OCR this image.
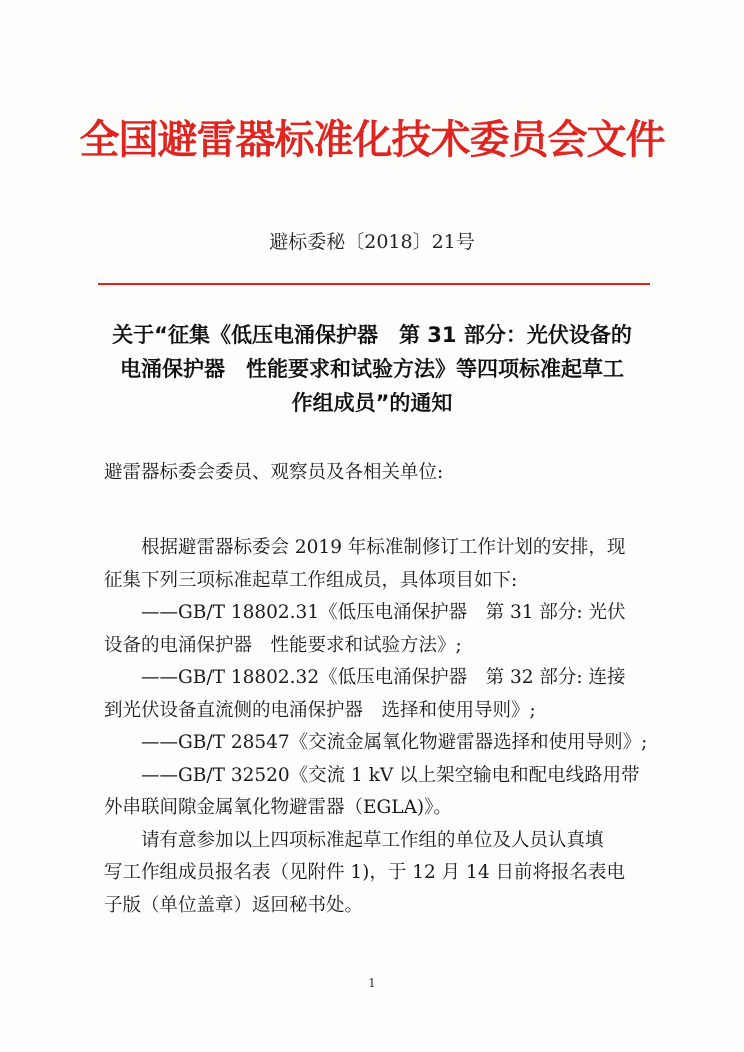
全国避雷器标准化技术委员会文件
避标委秘〔2018〕21号
关于“征集《低压电涌保护器　第 31 部分：光伏设备的
电涌保护器　性能要求和试验方法》等四项标准起草工
作组成员”的通知
避雷器标委会委员、观察员及各相关单位:
根据避雷器标委会 2019 年标准制修订工作计划的安排，现
征集下列三项标准起草工作组成员，具体项目如下:
——GB/T 18802.31《低压电涌保护器　第 31 部分: 光伏
设备的电涌保护器　性能要求和试验方法》;
——GB/T 18802.32《低压电涌保护器　第 32 部分: 连接
到光伏设备直流侧的电涌保护器　选择和使用导则》;
——GB/T 28547《交流金属氧化物避雷器选择和使用导则》;
——GB/T 32520《交流 1 kV 以上架空输电和配电线路用带
外串联间隙金属氧化物避雷器（EGLA)》。
请有意参加以上四项标准起草工作组的单位及人员认真填
写工作组成员报名表（见附件 1)，于 12 月 14 日前将报名表电
子版（单位盖章）返回秘书处。
1
